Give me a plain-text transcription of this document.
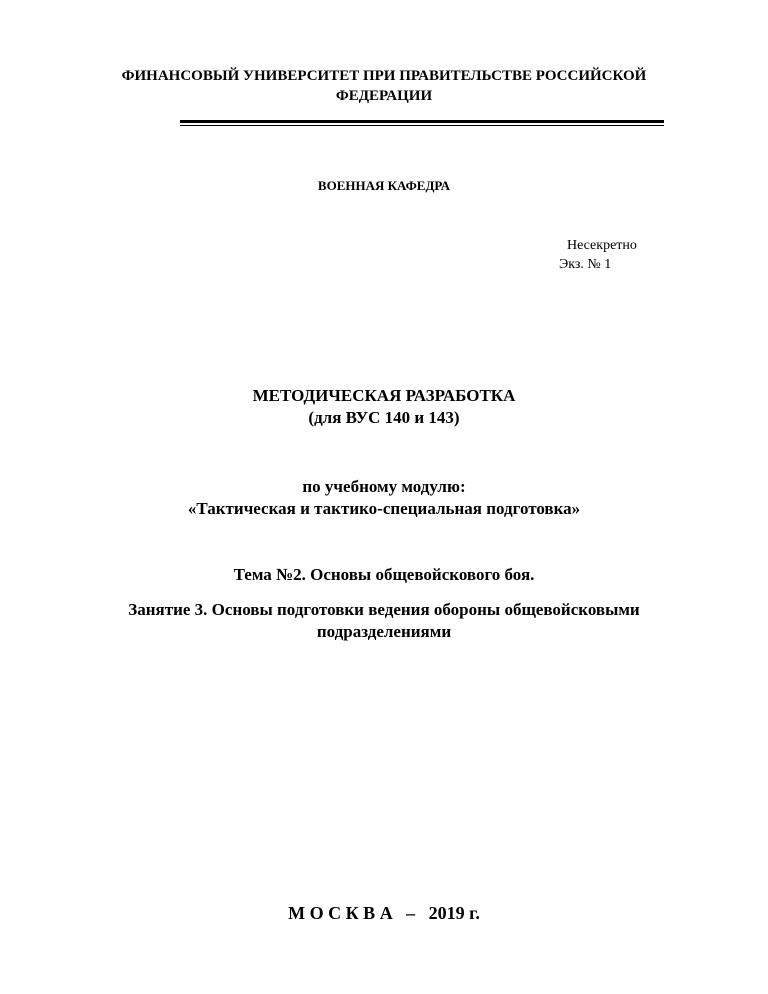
ФИНАНСОВЫЙ УНИВЕРСИТЕТ ПРИ ПРАВИТЕЛЬСТВЕ РОССИЙСКОЙ
ФЕДЕРАЦИИ
ВОЕННАЯ КАФЕДРА
Несекретно
Экз. № 1
МЕТОДИЧЕСКАЯ РАЗРАБОТКА
(для ВУС 140 и 143)
по учебному модулю:
«Тактическая и тактико-специальная подготовка»
Тема №2. Основы общевойскового боя.
Занятие 3. Основы подготовки ведения обороны общевойсковыми
подразделениями
М О С К В А   –   2019 г.
